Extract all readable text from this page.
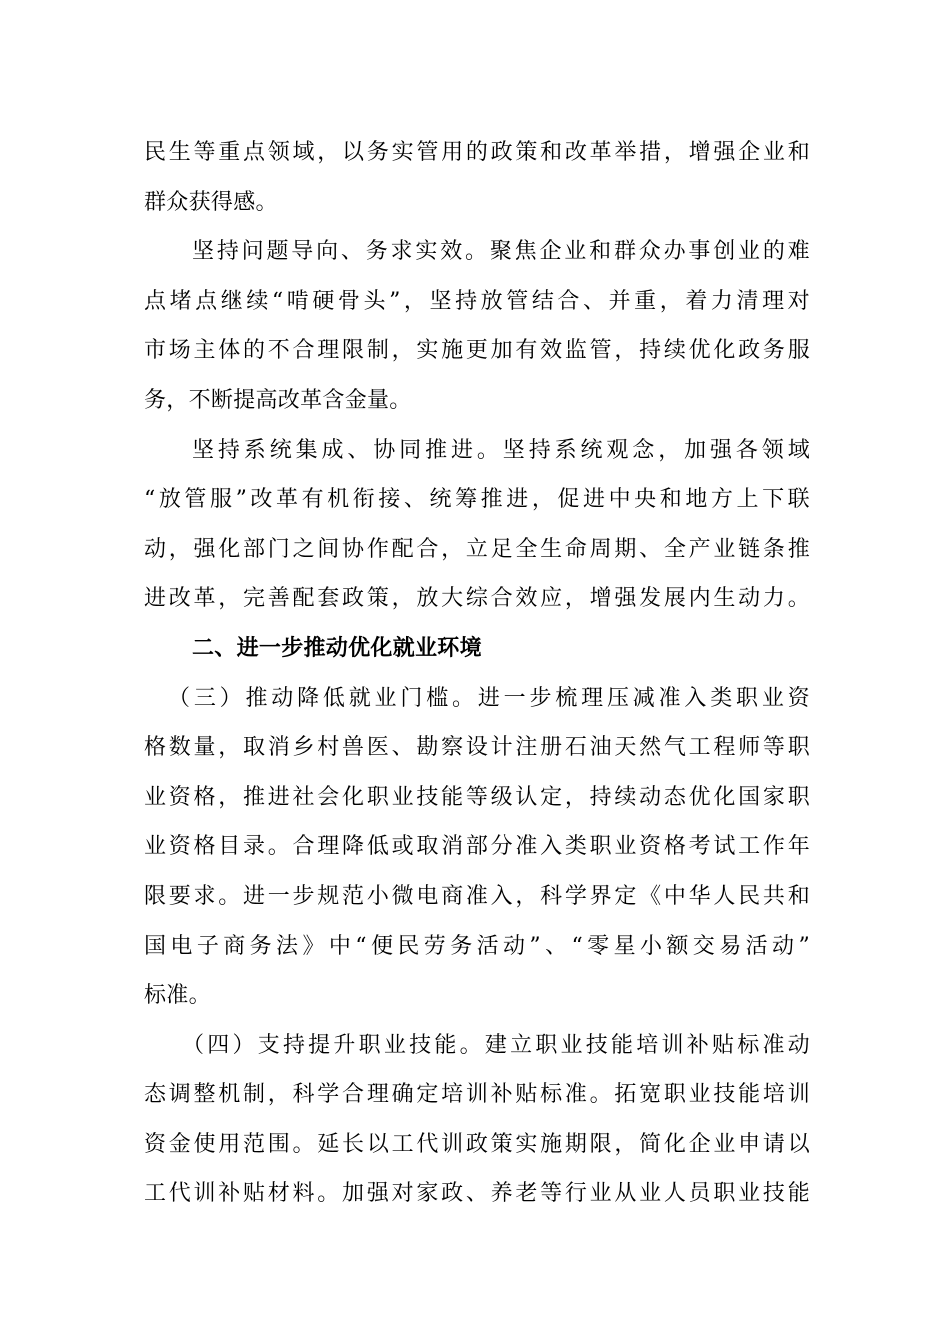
民生等重点领域，以务实管用的政策和改革举措，增强企业和
群众获得感。
坚持问题导向、务求实效。聚焦企业和群众办事创业的难
点堵点继续“啃硬骨头”，坚持放管结合、并重，着力清理对
市场主体的不合理限制，实施更加有效监管，持续优化政务服
务，不断提高改革含金量。
坚持系统集成、协同推进。坚持系统观念，加强各领域
“放管服”改革有机衔接、统筹推进，促进中央和地方上下联
动，强化部门之间协作配合，立足全生命周期、全产业链条推
进改革，完善配套政策，放大综合效应，增强发展内生动力。
二、进一步推动优化就业环境
（三）推动降低就业门槛。进一步梳理压减准入类职业资
格数量，取消乡村兽医、勘察设计注册石油天然气工程师等职
业资格，推进社会化职业技能等级认定，持续动态优化国家职
业资格目录。合理降低或取消部分准入类职业资格考试工作年
限要求。进一步规范小微电商准入，科学界定《中华人民共和
国电子商务法》中“便民劳务活动”、“零星小额交易活动”
标准。
（四）支持提升职业技能。建立职业技能培训补贴标准动
态调整机制，科学合理确定培训补贴标准。拓宽职业技能培训
资金使用范围。延长以工代训政策实施期限，简化企业申请以
工代训补贴材料。加强对家政、养老等行业从业人员职业技能
